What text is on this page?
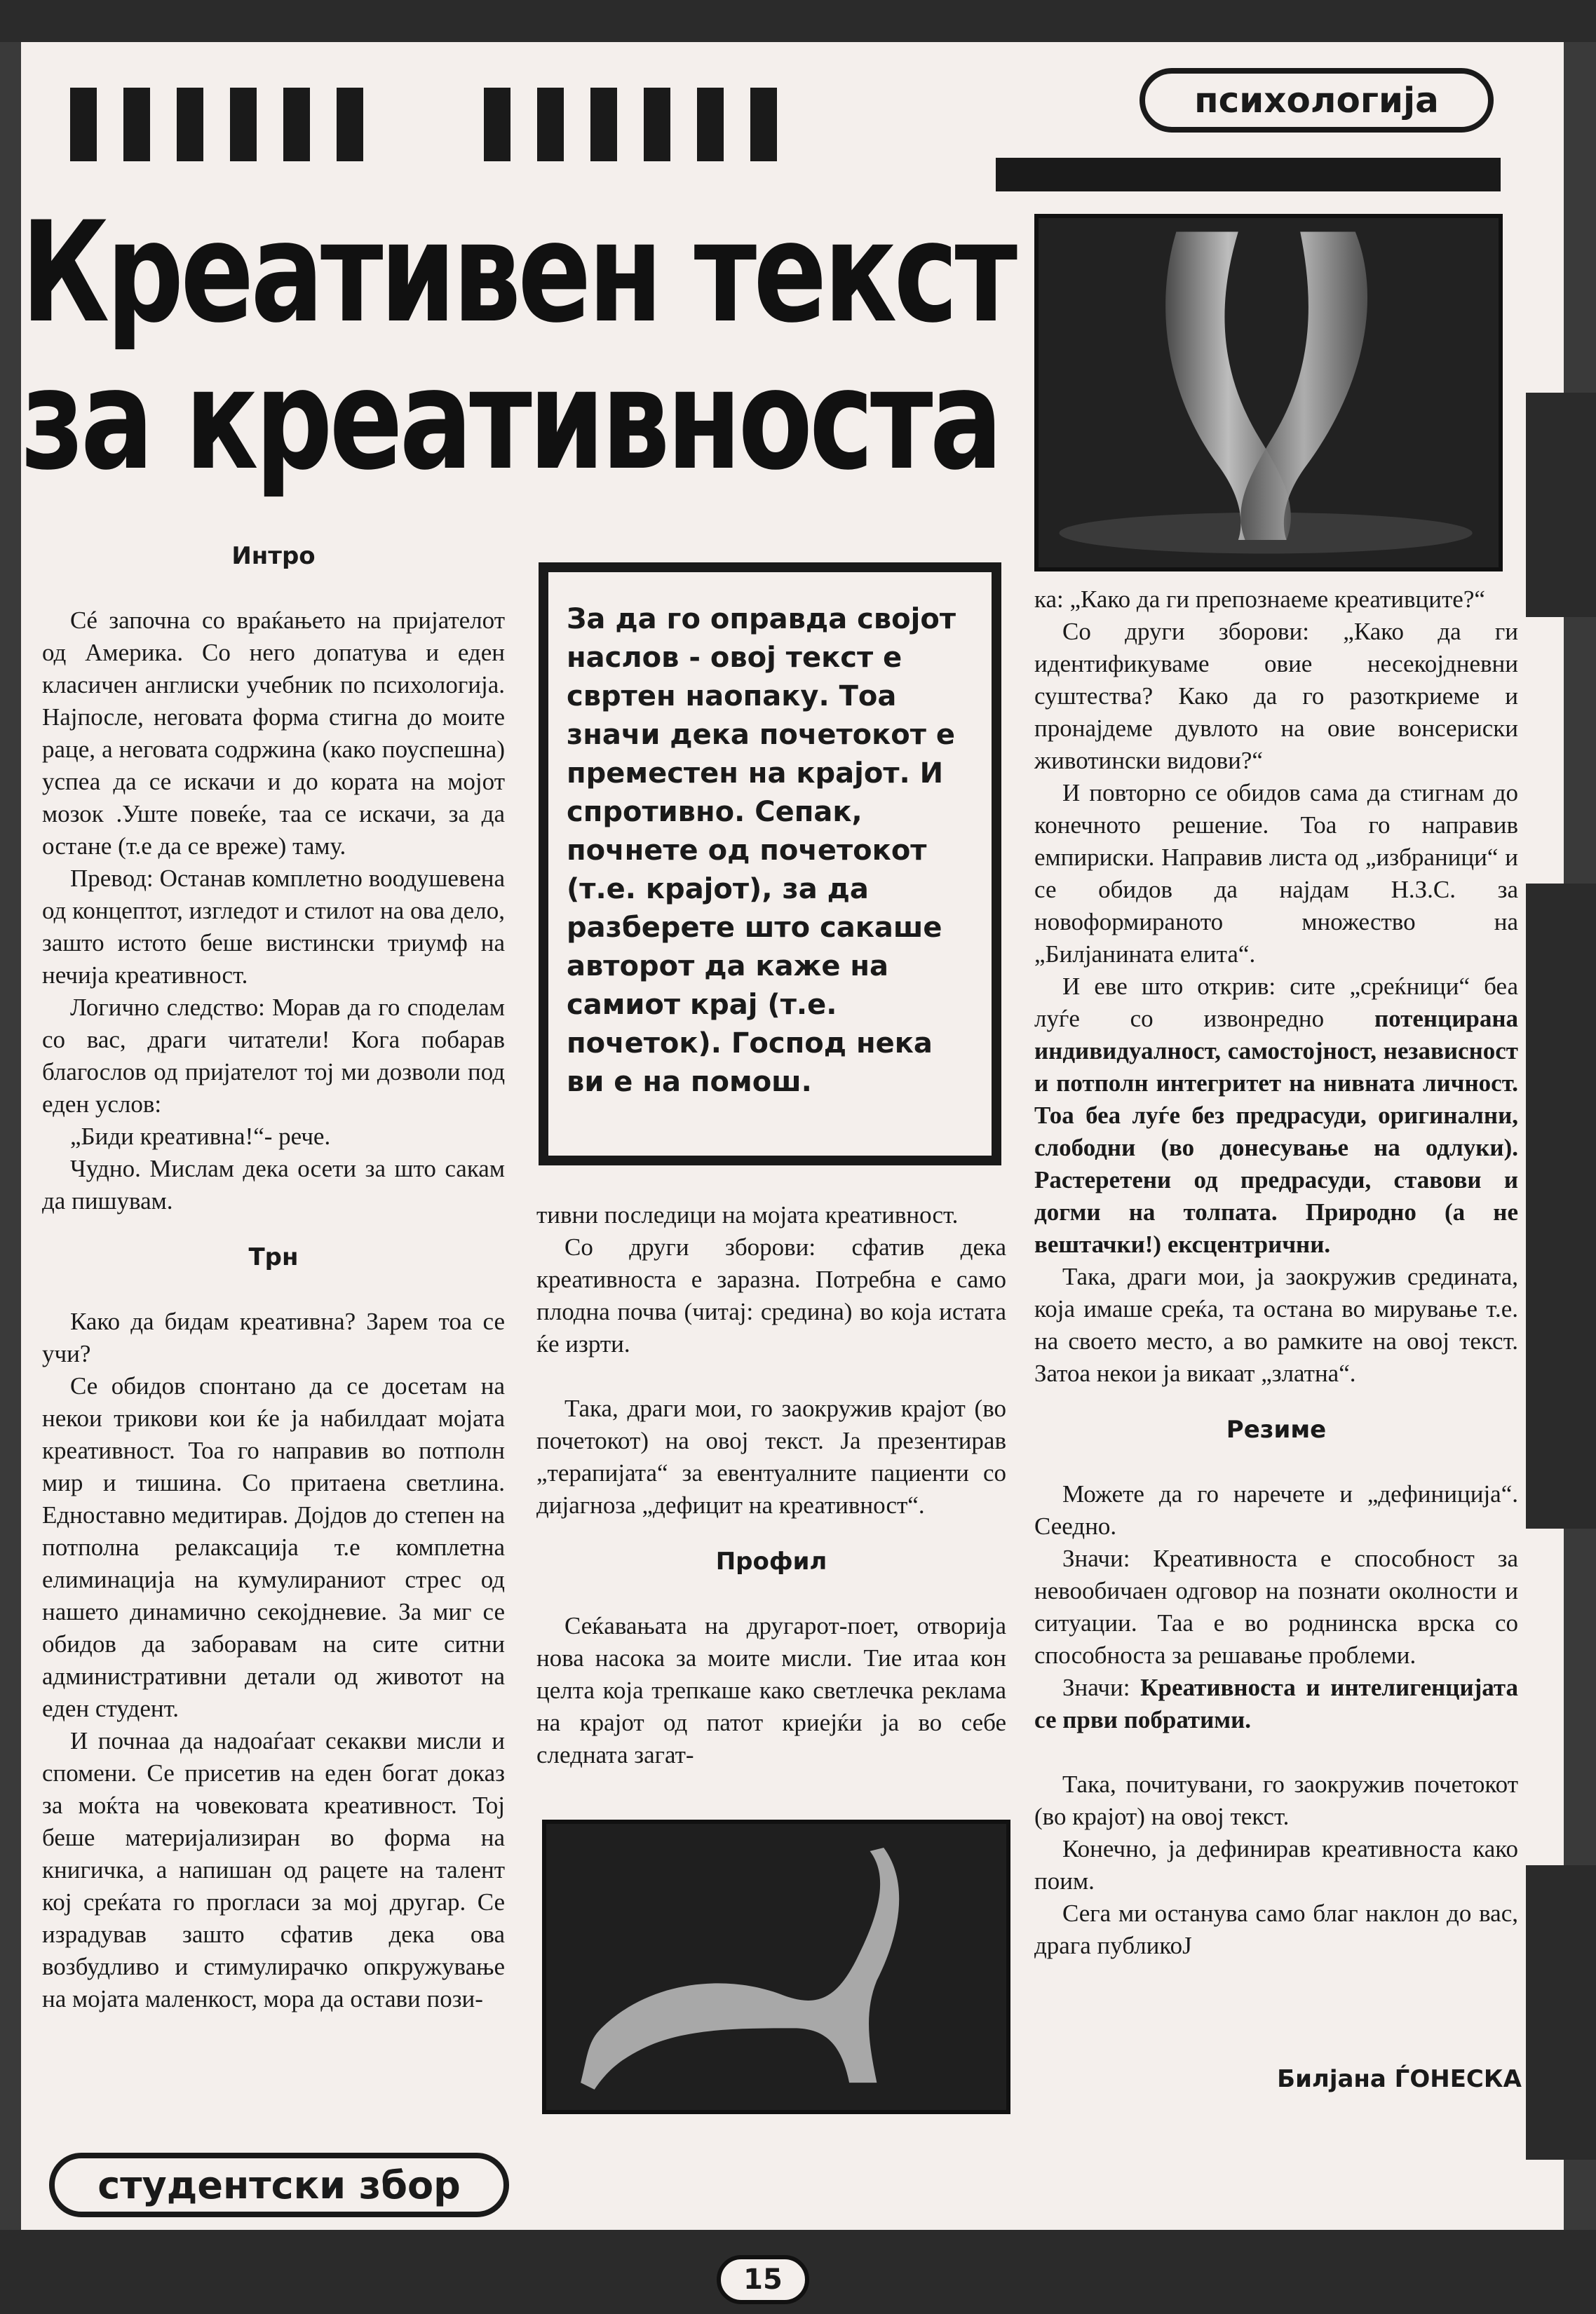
психологија
Креативен текст
за креативноста
За да го оправда својот наслов - овој текст е свртен наопаку. Тоа значи дека почетокот е преместен на крајот. И спротивно. Сепак, почнете од почетокот (т.е. крајот), за да разберете што сакаше авторот да каже на самиот крај (т.е. почеток). Господ нека ви е на помош.

Интро

Сé започна со враќањето на пријателот од Америка. Со него допатува и еден класичен англиски учебник по психологија. Најпосле, неговата форма стигна до моите раце, а неговата содржина (како поуспешна) успеа да се искачи и до кората на мојот мозок .Уште повеќе, таа се искачи, за да остане (т.е да се вреже) таму.

Превод: Останав комплетно воодушевена од концептот, изгледот и стилот на ова дело, зашто истото беше вистински триумф на нечија креативност.

Логично следство: Морав да го споделам со вас, драги читатели! Кога побарав благослов од пријателот тој ми дозволи под еден услов:

„Биди креативна!“- рече.

Чудно. Мислам дека осети за што сакам да пишувам.

Трн

Како да бидам креативна? Зарем тоа се учи?

Се обидов спонтано да се досетам на некои трикови кои ќе ја набилдаат мојата креативност. Тоа го направив во потполн мир и тишина. Со притаена светлина. Едноставно медитирав. Дојдов до степен на потполна релаксација т.е комплетна елиминација на кумулираниот стрес од нашето динамично секојдневие. За миг се обидов да заборавам на сите ситни административни детали од животот на еден студент.

И почнаа да надоаѓаат секакви мисли и спомени. Се присетив на еден богат доказ за моќта на човековата креативност. Тој беше материјализиран во форма на книгичка, а напишан од рацете на талент кој среќата го прогласи за мој другар. Се израдував зашто сфатив дека ова возбудливо и стимулирачко опкружување на мојата маленкост, мора да остави пози-

тивни последици на мојата креативност.

Со други зборови: сфатив дека креативноста е заразна. Потребна е само плодна почва (читај: средина) во која истата ќе изрти.

Така, драги мои, го заокружив крајот (во почетокот) на овој текст. Ја презентирав „терапијата“ за евентуалните пациенти со дијагноза „дефицит на креативност“.

Профил

Сеќавањата на другарот-поет, отворија нова насока за моите мисли. Тие итаа кон целта која трепкаше како светлечка реклама на крајот од патот криејќи ја во себе следната загат-

ка: „Како да ги препознаеме креативците?“

Со други зборови: „Како да ги идентификуваме овие несекојдневни суштества? Како да го разоткриеме и пронајдеме дувлото на овие вонсериски животински видови?“

И повторно се обидов сама да стигнам до конечното решение. Тоа го направив емпириски. Направив листа од „избраници“ и се обидов да најдам Н.З.С. за новоформираното множество на „Билјанината елита“.

И еве што открив: сите „среќници“ беа луѓе со извонредно потенцирана индивидуалност, самостојност, независност и потполн интегритет на нивната личност. Тоа беа луѓе без предрасуди, оригинални, слободни (во донесување на одлуки). Растеретени од предрасуди, ставови и догми на толпата. Природно (а не вештачки!) ексцентрични.

Така, драги мои, ја заокружив средината, која имаше среќа, та остана во мирување т.е. на своето место, а во рамките на овој текст. Затоа некои ја викаат „златна“.

Резиме

Можете да го наречете и „дефиниција“. Сеедно.

Значи: Креативноста е способност за невообичаен одговор на познати околности и ситуации. Таа е во роднинска врска со способноста за решавање проблеми.

Значи: Креативноста и интелигенцијата се први побратими.

Така, почитувани, го заокружив почетокот (во крајот) на овој текст.

Конечно, ја дефинирав креативноста како поим.

Сега ми останува само благ наклон до вас, драга публикоЈ

Билјана ЃОНЕСКА
студентски збор
15
